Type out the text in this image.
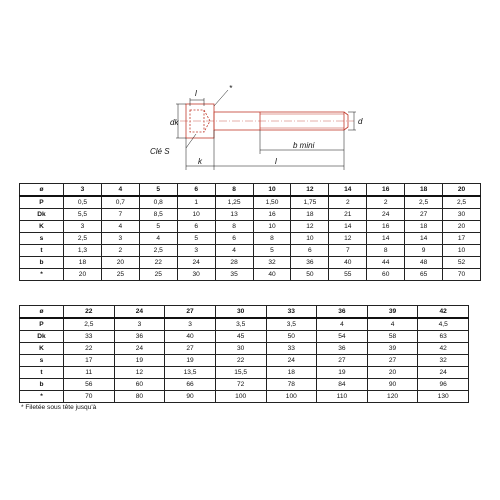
l
*
dk	d
Clé S
b mini
k	l
ø	3	4	5	6	8	10	12	14	16	18	20
P	0,5	0,7	0,8	1	1,25	1,50	1,75	2	2	2,5	2,5
Dk	5,5	7	8,5	10	13	16	18	21	24	27	30
K	3	4	5	6	8	10	12	14	16	18	20
s	2,5	3	4	5	6	8	10	12	14	14	17
t	1,3	2	2,5	3	4	5	6	7	8	9	10
b	18	20	22	24	28	32	36	40	44	48	52
*	20	25	25	30	35	40	50	55	60	65	70
ø	22	24	27	30	33	36	39	42
P	2,5	3	3	3,5	3,5	4	4	4,5
Dk	33	36	40	45	50	54	58	63
K	22	24	27	30	33	36	39	42
s	17	19	19	22	24	27	27	32
t	11	12	13,5	15,5	18	19	20	24
b	56	60	66	72	78	84	90	96
*	70	80	90	100	100	110	120	130
* Filetée sous tête jusqu'à
